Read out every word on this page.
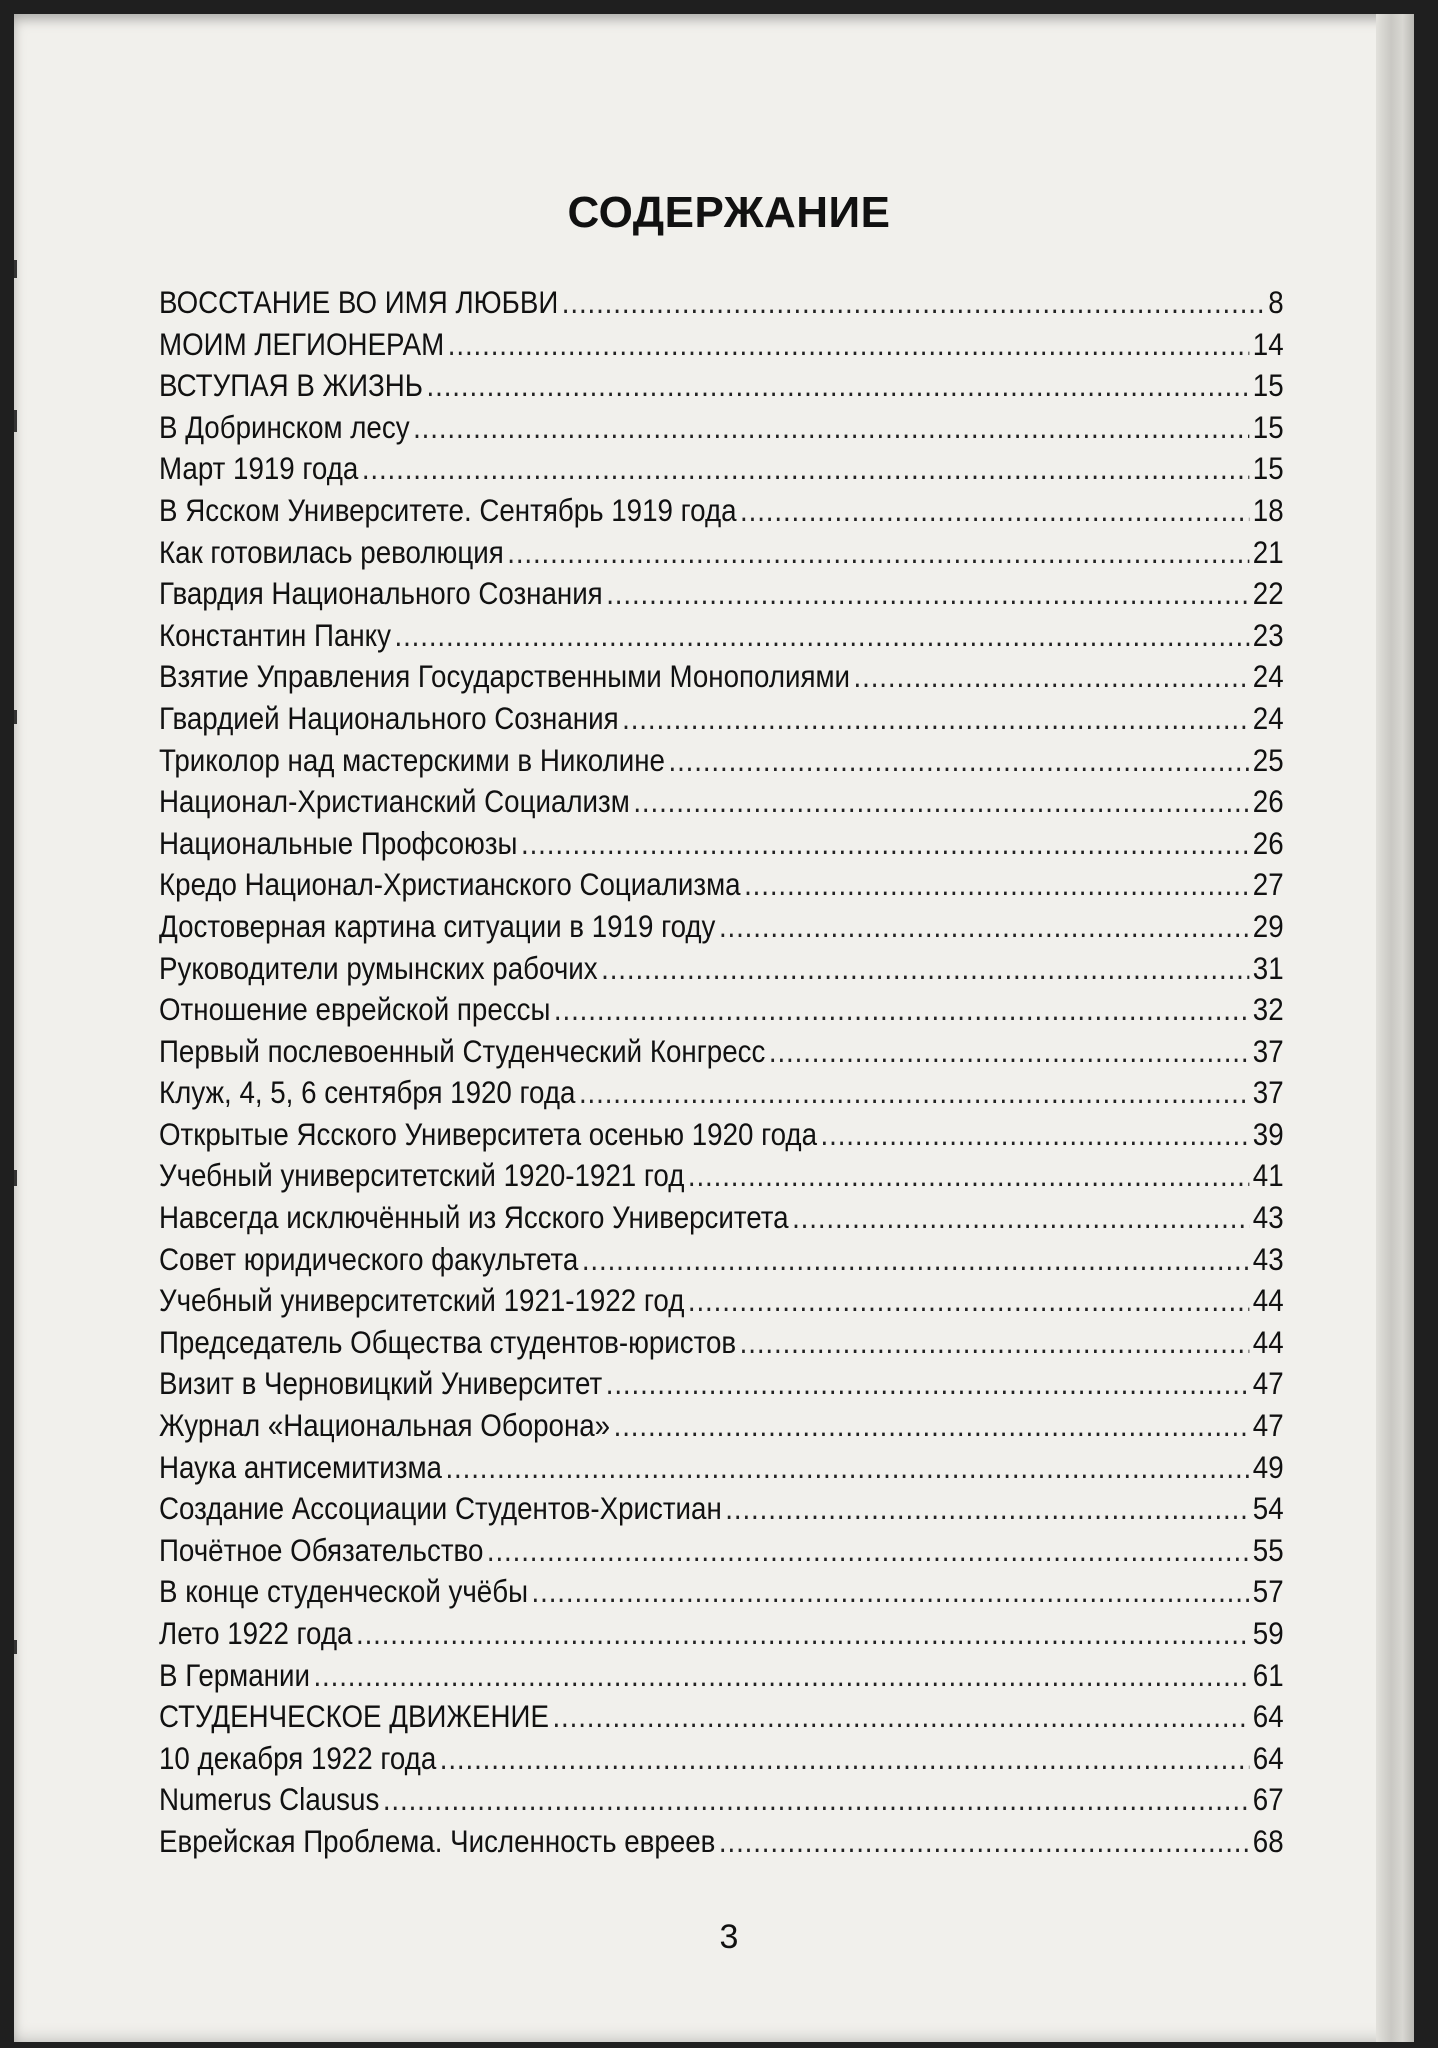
СОДЕРЖАНИЕ
ВОССТАНИЕ ВО ИМЯ ЛЮБВИ .....	8
МОИМ ЛЕГИОНЕРАМ .....	14
ВСТУПАЯ В ЖИЗНЬ .....	15
В Добринском лесу .....	15
Март 1919 года .....	15
В Ясском Университете. Сентябрь 1919 года .....	18
Как готовилась революция .....	21
Гвардия Национального Сознания .....	22
Константин Панку .....	23
Взятие Управления Государственными Монополиями .....	24
Гвардией Национального Сознания .....	24
Триколор над мастерскими в Николине .....	25
Национал-Христианский Социализм .....	26
Национальные Профсоюзы .....	26
Кредо Национал-Христианского Социализма .....	27
Достоверная картина ситуации в 1919 году .....	29
Руководители румынских рабочих .....	31
Отношение еврейской прессы .....	32
Первый послевоенный Студенческий Конгресс .....	37
Клуж, 4, 5, 6 сентября 1920 года .....	37
Открытые Ясского Университета осенью 1920 года .....	39
Учебный университетский 1920-1921 год .....	41
Навсегда исключённый из Ясского Университета .....	43
Совет юридического факультета .....	43
Учебный университетский 1921-1922 год .....	44
Председатель Общества студентов-юристов .....	44
Визит в Черновицкий Университет .....	47
Журнал «Национальная Оборона» .....	47
Наука антисемитизма .....	49
Создание Ассоциации Студентов-Христиан .....	54
Почётное Обязательство .....	55
В конце студенческой учёбы .....	57
Лето 1922 года .....	59
В Германии .....	61
СТУДЕНЧЕСКОЕ ДВИЖЕНИЕ .....	64
10 декабря 1922 года .....	64
Numerus Clausus .....	67
Еврейская Проблема. Численность евреев .....	68
3
